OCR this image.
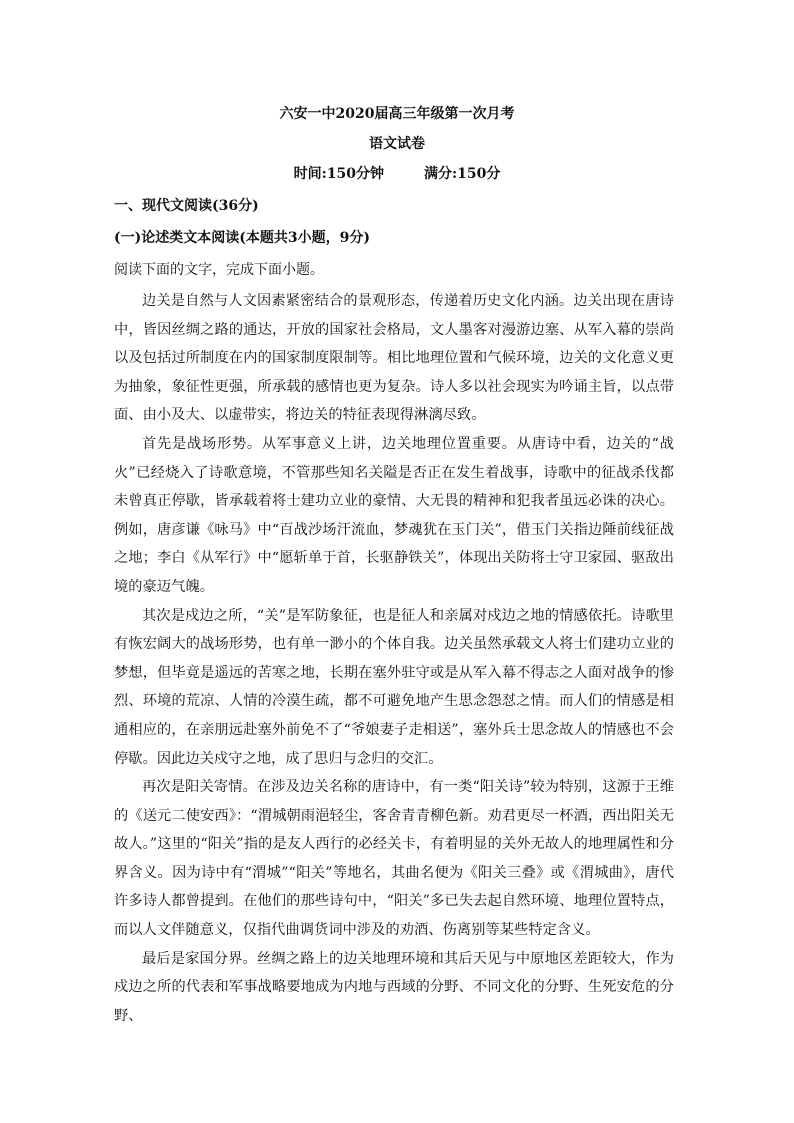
六安一中2020届高三年级第一次月考
语文试卷
时间:150分钟	满分:150分
一、现代文阅读(36分)
(一)论述类文本阅读(本题共3小题，9分)
阅读下面的文字，完成下面小题。

边关是自然与人文因素紧密结合的景观形态，传递着历史文化内涵。边关出现在唐诗中，皆因丝绸之路的通达，开放的国家社会格局，文人墨客对漫游边塞、从军入幕的崇尚以及包括过所制度在内的国家制度限制等。相比地理位置和气候环境，边关的文化意义更为抽象，象征性更强，所承载的感情也更为复杂。诗人多以社会现实为吟诵主旨，以点带面、由小及大、以虚带实，将边关的特征表现得淋漓尽致。

首先是战场形势。从军事意义上讲，边关地理位置重要。从唐诗中看，边关的“战火”已经烧入了诗歌意境，不管那些知名关隘是否正在发生着战事，诗歌中的征战杀伐都未曾真正停歇，皆承载着将士建功立业的豪情、大无畏的精神和犯我者虽远必诛的决心。例如，唐彦谦《咏马》中“百战沙场汗流血，梦魂犹在玉门关”，借玉门关指边陲前线征战之地；李白《从军行》中“愿斩单于首，长驱静铁关”，体现出关防将士守卫家园、驱敌出境的豪迈气魄。

其次是戍边之所，“关”是军防象征，也是征人和亲属对戍边之地的情感依托。诗歌里有恢宏阔大的战场形势，也有单一渺小的个体自我。边关虽然承载文人将士们建功立业的梦想，但毕竟是遥远的苦寒之地，长期在塞外驻守或是从军入幕不得志之人面对战争的惨烈、环境的荒凉、人情的冷漠生疏，都不可避免地产生思念怨怼之情。而人们的情感是相通相应的，在亲朋远赴塞外前免不了“爷娘妻子走相送”，塞外兵士思念故人的情感也不会停歇。因此边关戍守之地，成了思归与念归的交汇。

再次是阳关寄情。在涉及边关名称的唐诗中，有一类“阳关诗”较为特别，这源于王维的《送元二使安西》：“渭城朝雨浥轻尘，客舍青青柳色新。劝君更尽一杯酒，西出阳关无故人。”这里的“阳关”指的是友人西行的必经关卡，有着明显的关外无故人的地理属性和分界含义。因为诗中有“渭城”“阳关”等地名，其曲名便为《阳关三叠》或《渭城曲》，唐代许多诗人都曾提到。在他们的那些诗句中，“阳关”多已失去起自然环境、地理位置特点，而以人文伴随意义，仅指代曲调货词中涉及的劝酒、伤离别等某些特定含义。

最后是家国分界。丝绸之路上的边关地理环境和其后天见与中原地区差距较大，作为戍边之所的代表和军事战略要地成为内地与西域的分野、不同文化的分野、生死安危的分野、
